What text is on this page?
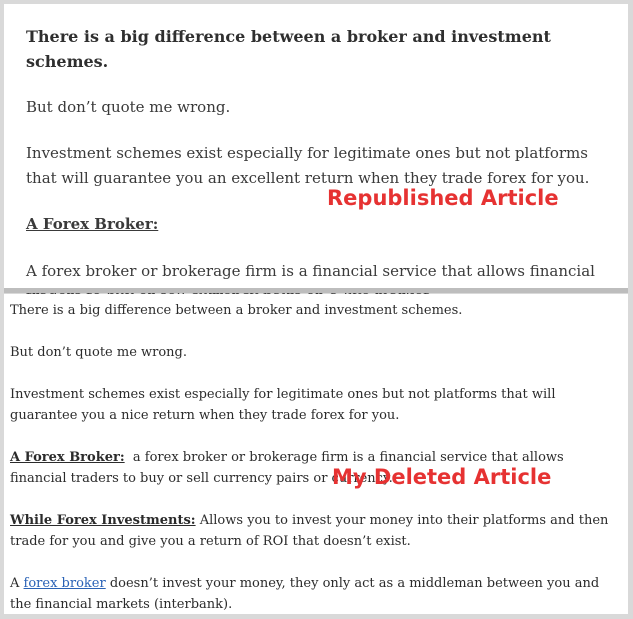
There is a big difference between a broker and investment schemes.

But don’t quote me wrong.

Investment schemes exist especially for legitimate ones but not platforms that will guarantee you an excellent return when they trade forex for you.

A Forex Broker:

A forex broker or brokerage firm is a financial service that allows financial

There is a big difference between a broker and investment schemes.

But don’t quote me wrong.

Investment schemes exist especially for legitimate ones but not platforms that will guarantee you a nice return when they trade forex for you.

A Forex Broker:  a forex broker or brokerage firm is a financial service that allows financial traders to buy or sell currency pairs or currency.

While Forex Investments: Allows you to invest your money into their platforms and then trade for you and give you a return of ROI that doesn’t exist.

A forex broker doesn’t invest your money, they only act as a middleman between you and the financial markets (interbank).

Republished Article
My Deleted Article
